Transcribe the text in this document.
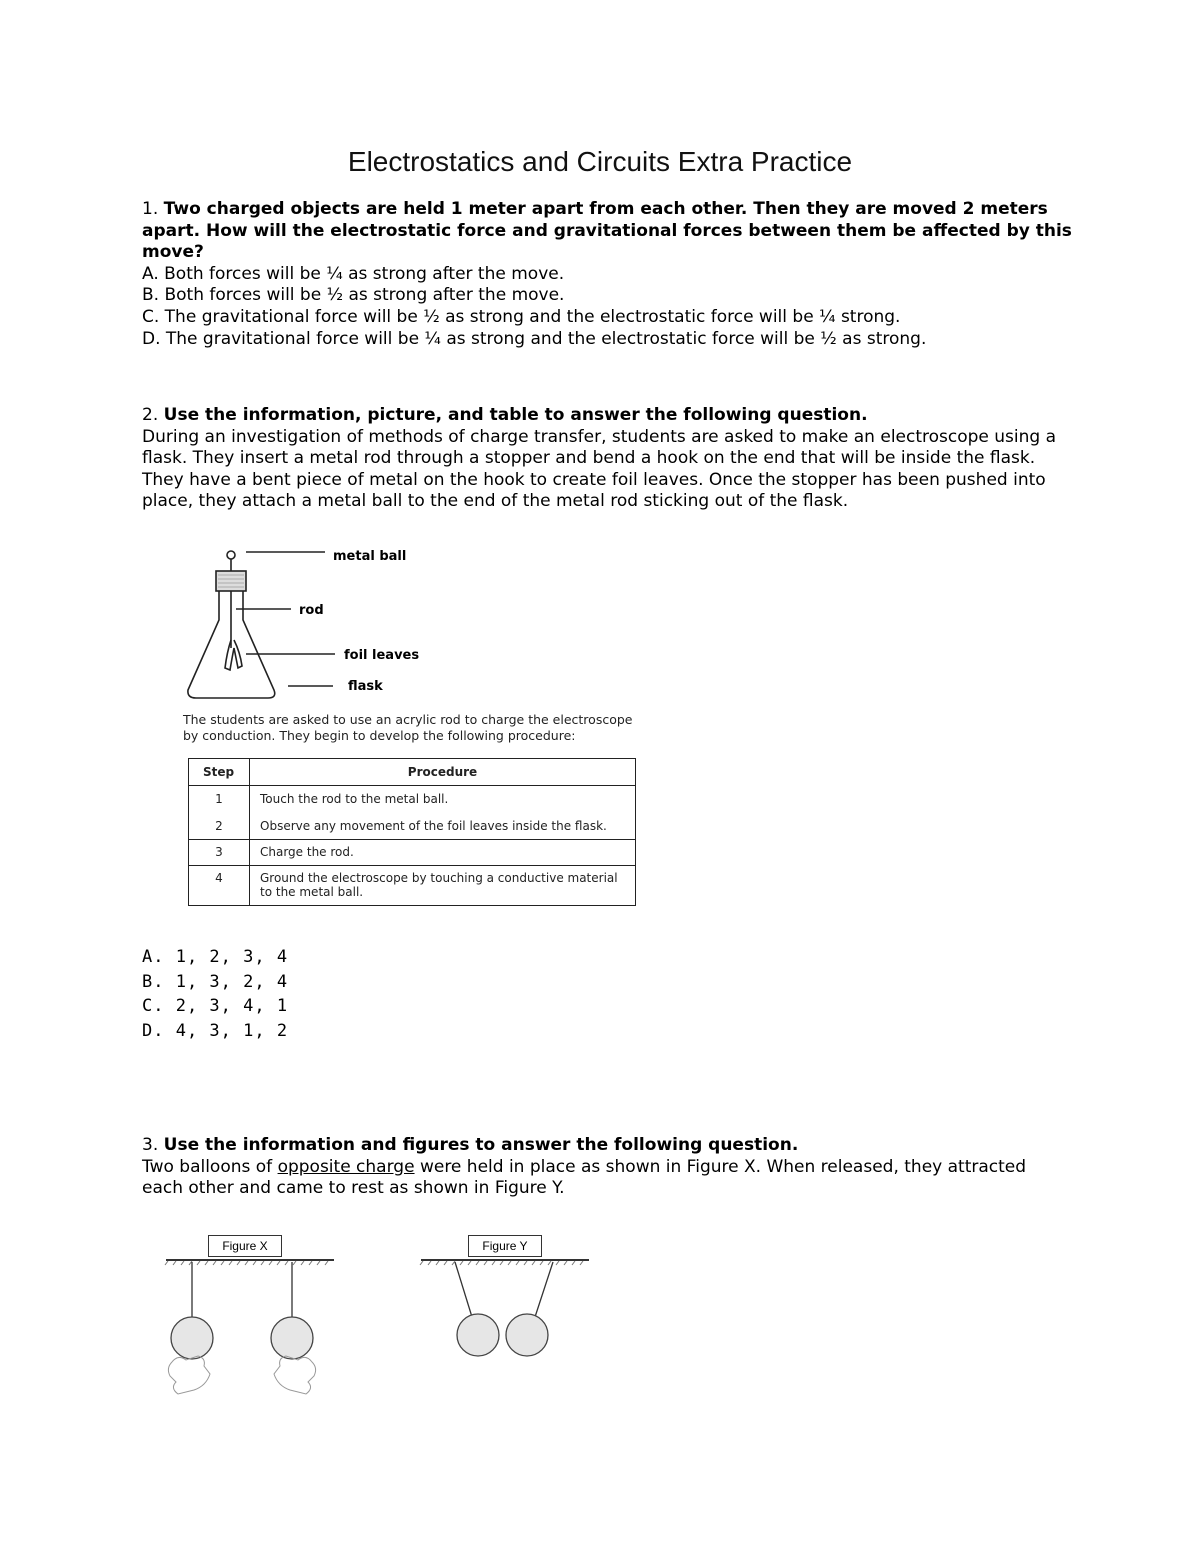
Electrostatics and Circuits Extra Practice
1. Two charged objects are held 1 meter apart from each other. Then they are moved 2 meters apart. How will the electrostatic force and gravitational forces between them be affected by this move?
A. Both forces will be ¼ as strong after the move.
B. Both forces will be ½ as strong after the move.
C. The gravitational force will be ½ as strong and the electrostatic force will be ¼ strong.
D. The gravitational force will be ¼ as strong and the electrostatic force will be ½ as strong.
2. Use the information, picture, and table to answer the following question.
During an investigation of methods of charge transfer, students are asked to make an electroscope using a flask. They insert a metal rod through a stopper and bend a hook on the end that will be inside the flask. They have a bent piece of metal on the hook to create foil leaves. Once the stopper has been pushed into place, they attach a metal ball to the end of the metal rod sticking out of the flask.
metal ball
rod
foil leaves
flask
The students are asked to use an acrylic rod to charge the electroscope by conduction. They begin to develop the following procedure:
Step	Procedure
1	Touch the rod to the metal ball.
2	Observe any movement of the foil leaves inside the flask.
3	Charge the rod.
4	Ground the electroscope by touching a conductive material to the metal ball.
A. 1, 2, 3, 4
B. 1, 3, 2, 4
C. 2, 3, 4, 1
D. 4, 3, 1, 2
3. Use the information and figures to answer the following question.
Two balloons of opposite charge were held in place as shown in Figure X. When released, they attracted each other and came to rest as shown in Figure Y.
Figure X	Figure Y
